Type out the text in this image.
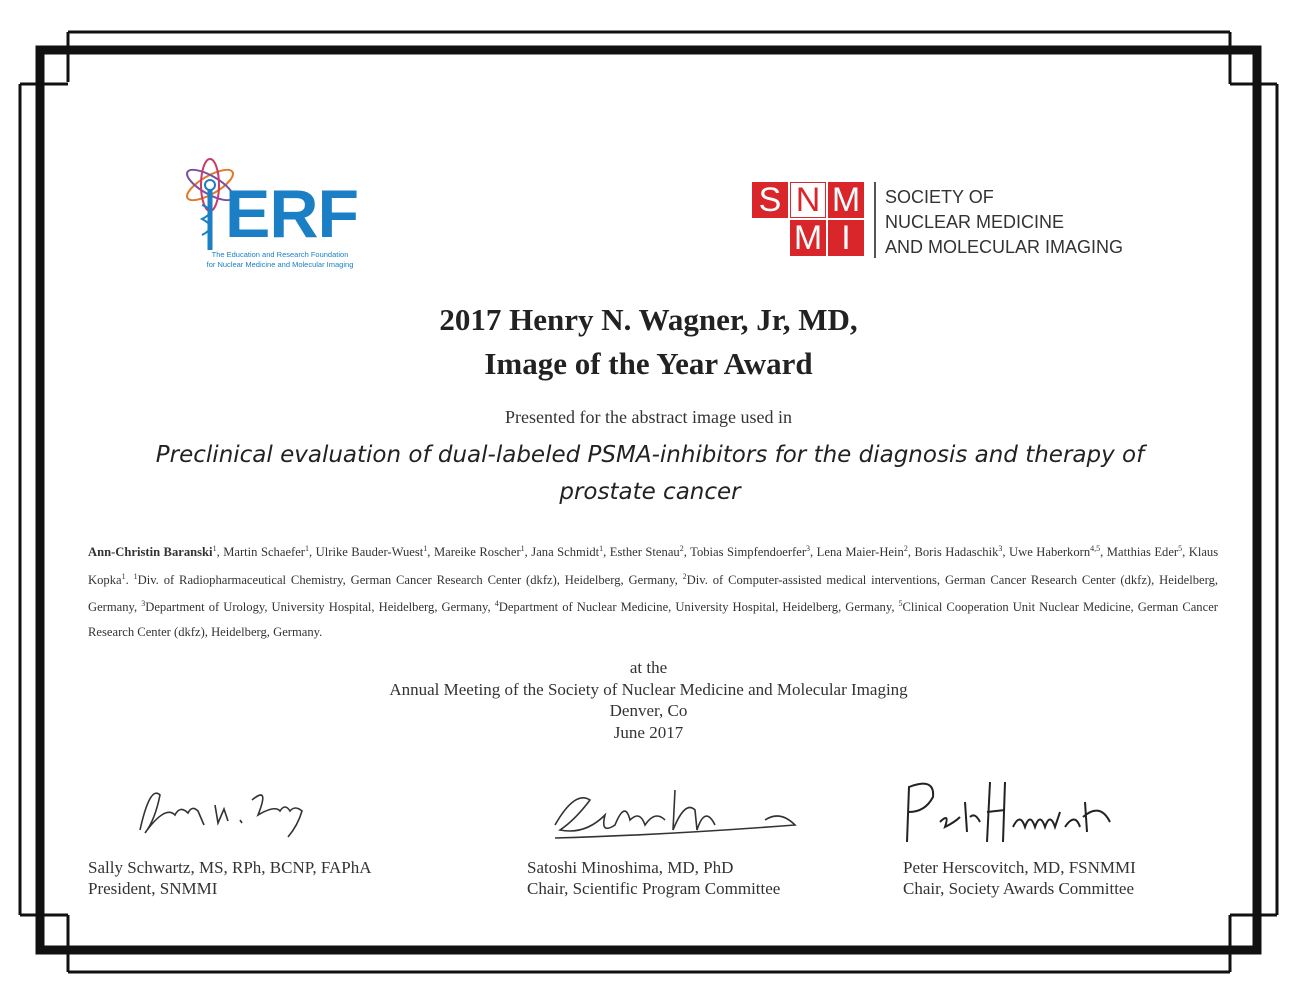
ERF
The Education and Research Foundation
for Nuclear Medicine and Molecular Imaging
S N M
M I
SOCIETY OF
NUCLEAR MEDICINE
AND MOLECULAR IMAGING
2017 Henry N. Wagner, Jr, MD,
Image of the Year Award
Presented for the abstract image used in
Preclinical evaluation of dual-labeled PSMA-inhibitors for the diagnosis and therapy of prostate cancer
Ann-Christin Baranski$^1$, Martin Schaefer$^1$, Ulrike Bauder-Wuest$^1$, Mareike Roscher$^1$, Jana Schmidt$^1$, Esther Stenau$^2$, Tobias Simpfendoerfer$^3$, Lena Maier-Hein$^2$, Boris Hadaschik$^3$, Uwe Haberkorn$^{4,5}$, Matthias Eder$^5$, Klaus Kopka$^1$. $^1$Div. of Radiopharmaceutical Chemistry, German Cancer Research Center (dkfz), Heidelberg, Germany, $^2$Div. of Computer-assisted medical interventions, German Cancer Research Center (dkfz), Heidelberg, Germany, $^3$Department of Urology, University Hospital, Heidelberg, Germany, $^4$Department of Nuclear Medicine, University Hospital, Heidelberg, Germany, $^5$Clinical Cooperation Unit Nuclear Medicine, German Cancer Research Center (dkfz), Heidelberg, Germany.
at the
Annual Meeting of the Society of Nuclear Medicine and Molecular Imaging
Denver, Co
June 2017
Sally Schwartz, MS, RPh, BCNP, FAPhA
President, SNMMI
Satoshi Minoshima, MD, PhD
Chair, Scientific Program Committee
Peter Herscovitch, MD, FSNMMI
Chair, Society Awards Committee
